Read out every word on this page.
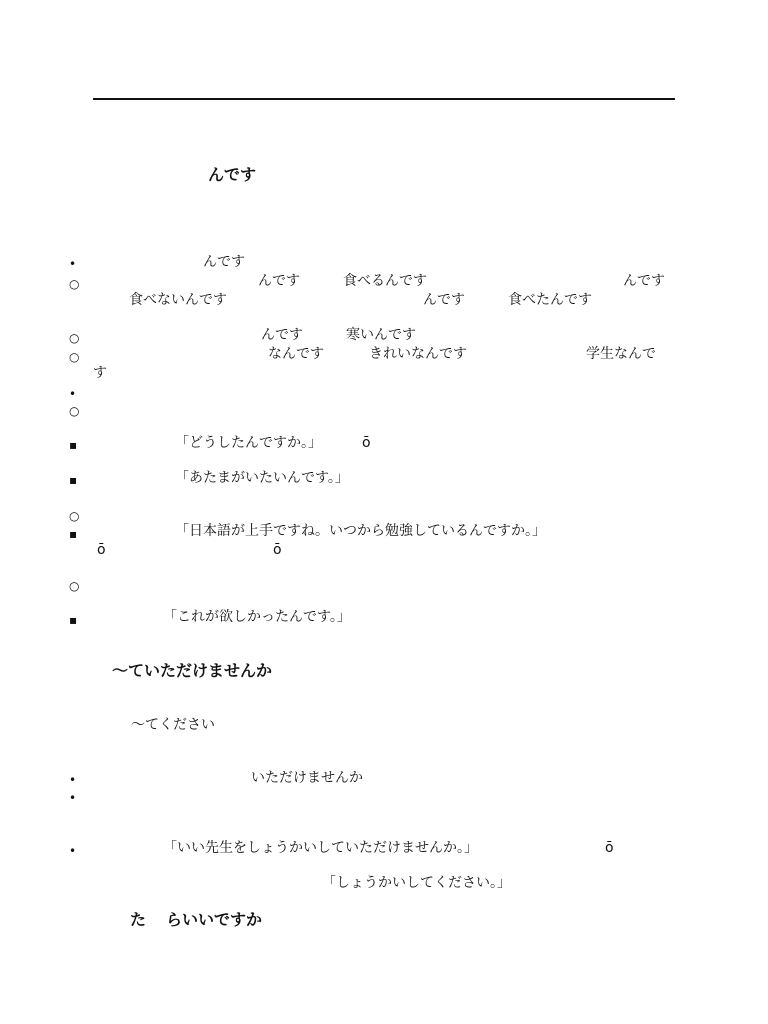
んです
•	んです
○	んです	食べるんです	んです
食べないんです	んです	食べたんです
○	んです	寒いんです
○	なんです	きれいなんです	学生なんで
す
•
○
▪	「どうしたんですか。」	ō
▪	「あたまがいたいんです。」
○
▪	「日本語が上手ですね。いつから勉強しているんですか。」
ō	ō
○
▪	「これが欲しかったんです。」
〜ていただけませんか
〜てください
•	いただけませんか
•
•	「いい先生をしょうかいしていただけませんか。」	ō
「しょうかいしてください。」
た らいいですか
